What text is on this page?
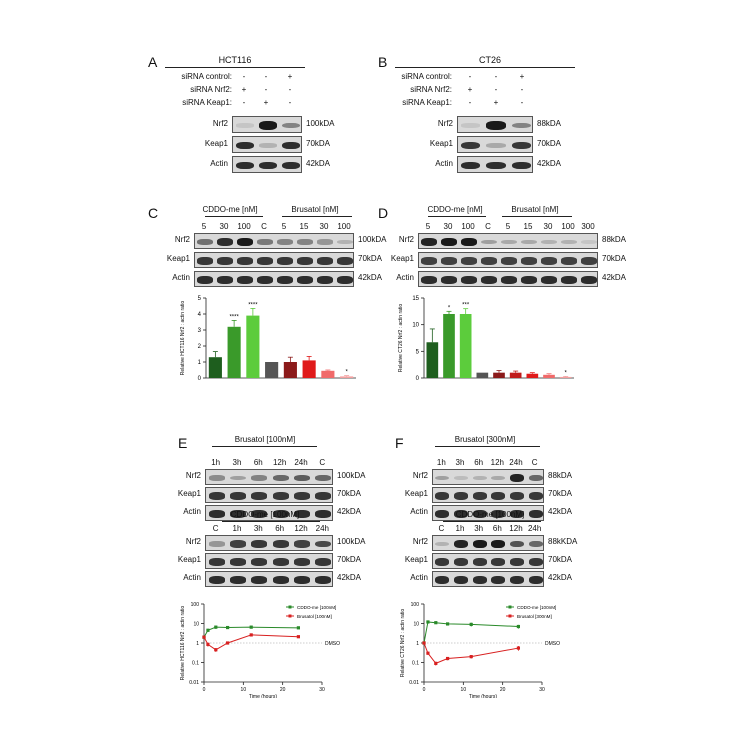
A	HCT116
siRNA control:	-	-	+
siRNA Nrf2:	+	-	-
siRNA Keap1:	-	+	-
Nrf2	100kDA
Keap1	70kDA
Actin	42kDA
B	CT26
siRNA control:	-	-	+
siRNA Nrf2:	+	-	-
siRNA Keap1:	-	+	-
Nrf2	88kDA
Keap1	70kDA
Actin	42kDA
C	CDDO-me [nM]	Brusatol [nM]
5	30	100	C	5	15	30	100
Nrf2	100kDA
Keap1	70kDA
Actin	42kDA
0
1
2
3
4
5
Relative HCT116 Nrf2 : actin ratio	****
****
*
D	CDDO-me [nM]	Brusatol [nM]
5	30	100	C	5	15	30	100 300
Nrf2	88kDA
Keap1	70kDA
Actin	42kDA
0
5
10
15
Relative CT26 Nrf2 : actin ratio	* ***
*
E	Brusatol [100nM]
1h	3h	6h	12h 24h	C
Nrf2	100kDA
Keap1	70kDA
Actin	42kDA
CDDO-me [100nM]
C	1h	3h	6h	12h 24h
Nrf2	100kDA
Keap1	70kDA
Actin	42kDA
0.01
0.1
1
10
100
0	10	20	30
Time (hours)
Relative HCT116 Nrf2 : actin ratio	DMSO
CDDO-me [100nM]
Brusatol [100nM]
F	Brusatol [300nM]
1h	3h	6h 12h 24h	C
Nrf2	88kDA
Keap1	70kDA
Actin	42kDA
CDDO-me [100nM]
C	1h	3h	6h 12h 24h
Nrf2	88kKDA
Keap1	70kDA
Actin	42kDA
0.01
0.1
1
10
100
0	10	20	30
Time (hours)
Relative CT26 Nrf2 : actin ratio	DMSO
CDDO-me [100nM]
Brusatol [300nM]
